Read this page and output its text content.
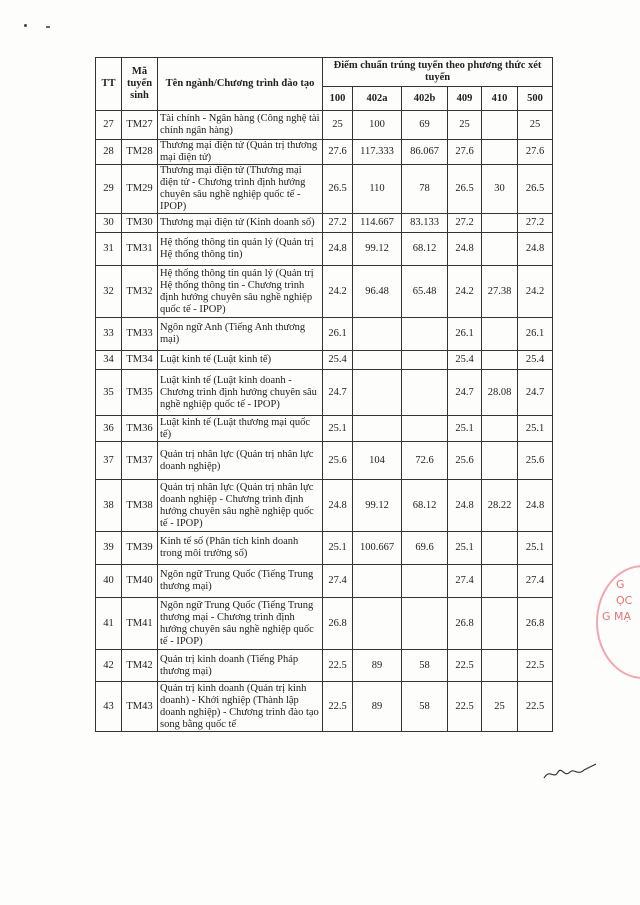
TT	Mã tuyển sinh	Tên ngành/Chương trình đào tạo	Điểm chuẩn trúng tuyển theo phương thức xét tuyển					
			100	402a	402b	409	410	500
27	TM27	Tài chính - Ngân hàng (Công nghệ tài chính ngân hàng)	25	100	69	25		25
28	TM28	Thương mại điện tử (Quản trị thương mại điện tử)	27.6	117.333	86.067	27.6		27.6
29	TM29	Thương mại điện tử (Thương mại điện tử - Chương trình định hướng chuyên sâu nghề nghiệp quốc tế - IPOP)	26.5	110	78	26.5	30	26.5
30	TM30	Thương mại điện tử (Kinh doanh số)	27.2	114.667	83.133	27.2		27.2
31	TM31	Hệ thống thông tin quản lý (Quản trị Hệ thống thông tin)	24.8	99.12	68.12	24.8		24.8
32	TM32	Hệ thống thông tin quản lý (Quản trị Hệ thống thông tin - Chương trình định hướng chuyên sâu nghề nghiệp quốc tế - IPOP)	24.2	96.48	65.48	24.2	27.38	24.2
33	TM33	Ngôn ngữ Anh (Tiếng Anh thương mại)	26.1			26.1		26.1
34	TM34	Luật kinh tế (Luật kinh tế)	25.4			25.4		25.4
35	TM35	Luật kinh tế (Luật kinh doanh - Chương trình định hướng chuyên sâu nghề nghiệp quốc tế - IPOP)	24.7			24.7	28.08	24.7
36	TM36	Luật kinh tế (Luật thương mại quốc tế)	25.1			25.1		25.1
37	TM37	Quản trị nhân lực (Quản trị nhân lực doanh nghiệp)	25.6	104	72.6	25.6		25.6
38	TM38	Quản trị nhân lực (Quản trị nhân lực doanh nghiệp - Chương trình định hướng chuyên sâu nghề nghiệp quốc tế - IPOP)	24.8	99.12	68.12	24.8	28.22	24.8
39	TM39	Kinh tế số (Phân tích kinh doanh trong môi trường số)	25.1	100.667	69.6	25.1		25.1
40	TM40	Ngôn ngữ Trung Quốc (Tiếng Trung thương mại)	27.4			27.4		27.4
41	TM41	Ngôn ngữ Trung Quốc (Tiếng Trung thương mại - Chương trình định hướng chuyên sâu nghề nghiệp quốc tế - IPOP)	26.8			26.8		26.8
42	TM42	Quản trị kinh doanh (Tiếng Pháp thương mại)	22.5	89	58	22.5		22.5
43	TM43	Quản trị kinh doanh (Quản trị kinh doanh) - Khởi nghiệp (Thành lập doanh nghiệp) - Chương trình đào tạo song bằng quốc tế	22.5	89	58	22.5	25	22.5
G
ỌC
G MẠ
